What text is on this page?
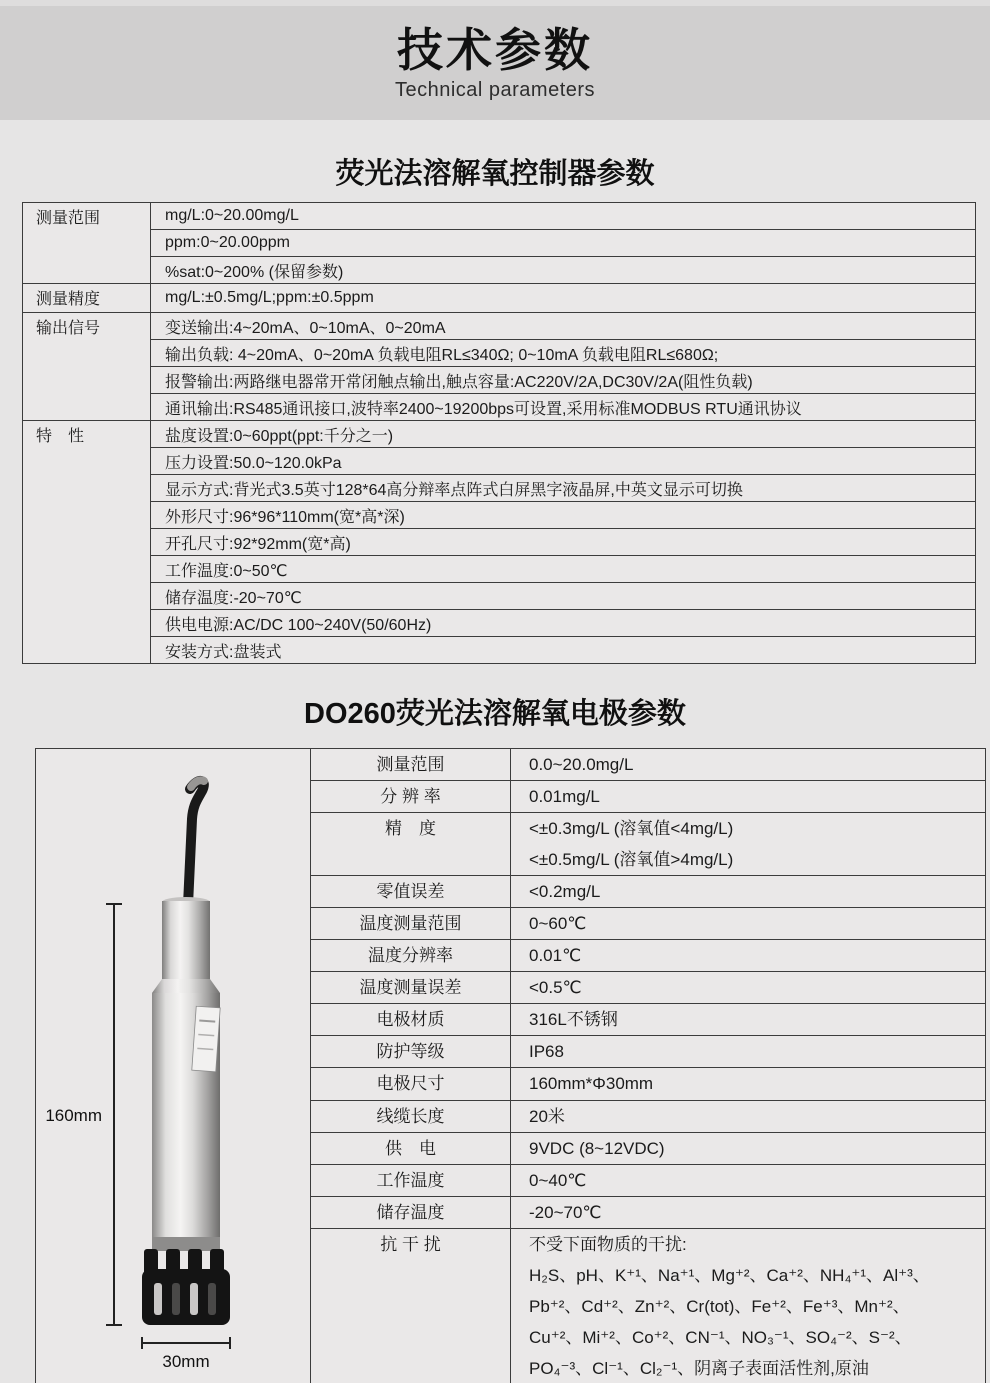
技术参数
Technical parameters
荧光法溶解氧控制器参数
测量范围	mg/L:0~20.00mg/L
	ppm:0~20.00ppm
	%sat:0~200% (保留参数)
测量精度	mg/L:±0.5mg/L;ppm:±0.5ppm
输出信号	变送输出:4~20mA、0~10mA、0~20mA
	输出负载: 4~20mA、0~20mA 负载电阻RL≤340Ω; 0~10mA 负载电阻RL≤680Ω;
	报警输出:两路继电器常开常闭触点输出,触点容量:AC220V/2A,DC30V/2A(阻性负载)
	通讯输出:RS485通讯接口,波特率2400~19200bps可设置,采用标准MODBUS RTU通讯协议
特　性	盐度设置:0~60ppt(ppt:千分之一)
	压力设置:50.0~120.0kPa
	显示方式:背光式3.5英寸128*64高分辩率点阵式白屏黑字液晶屏,中英文显示可切换
	外形尺寸:96*96*110mm(宽*高*深)
	开孔尺寸:92*92mm(宽*高)
	工作温度:0~50℃
	储存温度:-20~70℃
	供电电源:AC/DC 100~240V(50/60Hz)
	安装方式:盘装式
DO260荧光法溶解氧电极参数
160mm
30mm	测量范围	0.0~20.0mg/L
	分 辨 率	0.01mg/L
	精　度	<±0.3mg/L (溶氧值<4mg/L)
<±0.5mg/L (溶氧值>4mg/L)

	零值误差	<0.2mg/L
	温度测量范围	0~60℃
	温度分辨率	0.01℃
	温度测量误差	<0.5℃
	电极材质	316L不锈钢
	防护等级	IP68
	电极尺寸	160mm*Φ30mm
	线缆长度	20米
	供　电	9VDC (8~12VDC)
	工作温度	0~40℃
	储存温度	-20~70℃
	抗 干 扰	不受下面物质的干扰:
H₂S、pH、K⁺¹、Na⁺¹、Mg⁺²、Ca⁺²、NH₄⁺¹、Al⁺³、
Pb⁺²、Cd⁺²、Zn⁺²、Cr(tot)、Fe⁺²、Fe⁺³、Mn⁺²、
Cu⁺²、Mi⁺²、Co⁺²、CN⁻¹、NO₃⁻¹、SO₄⁻²、S⁻²、
PO₄⁻³、Cl⁻¹、Cl₂⁻¹、阴离子表面活性剂,原油
